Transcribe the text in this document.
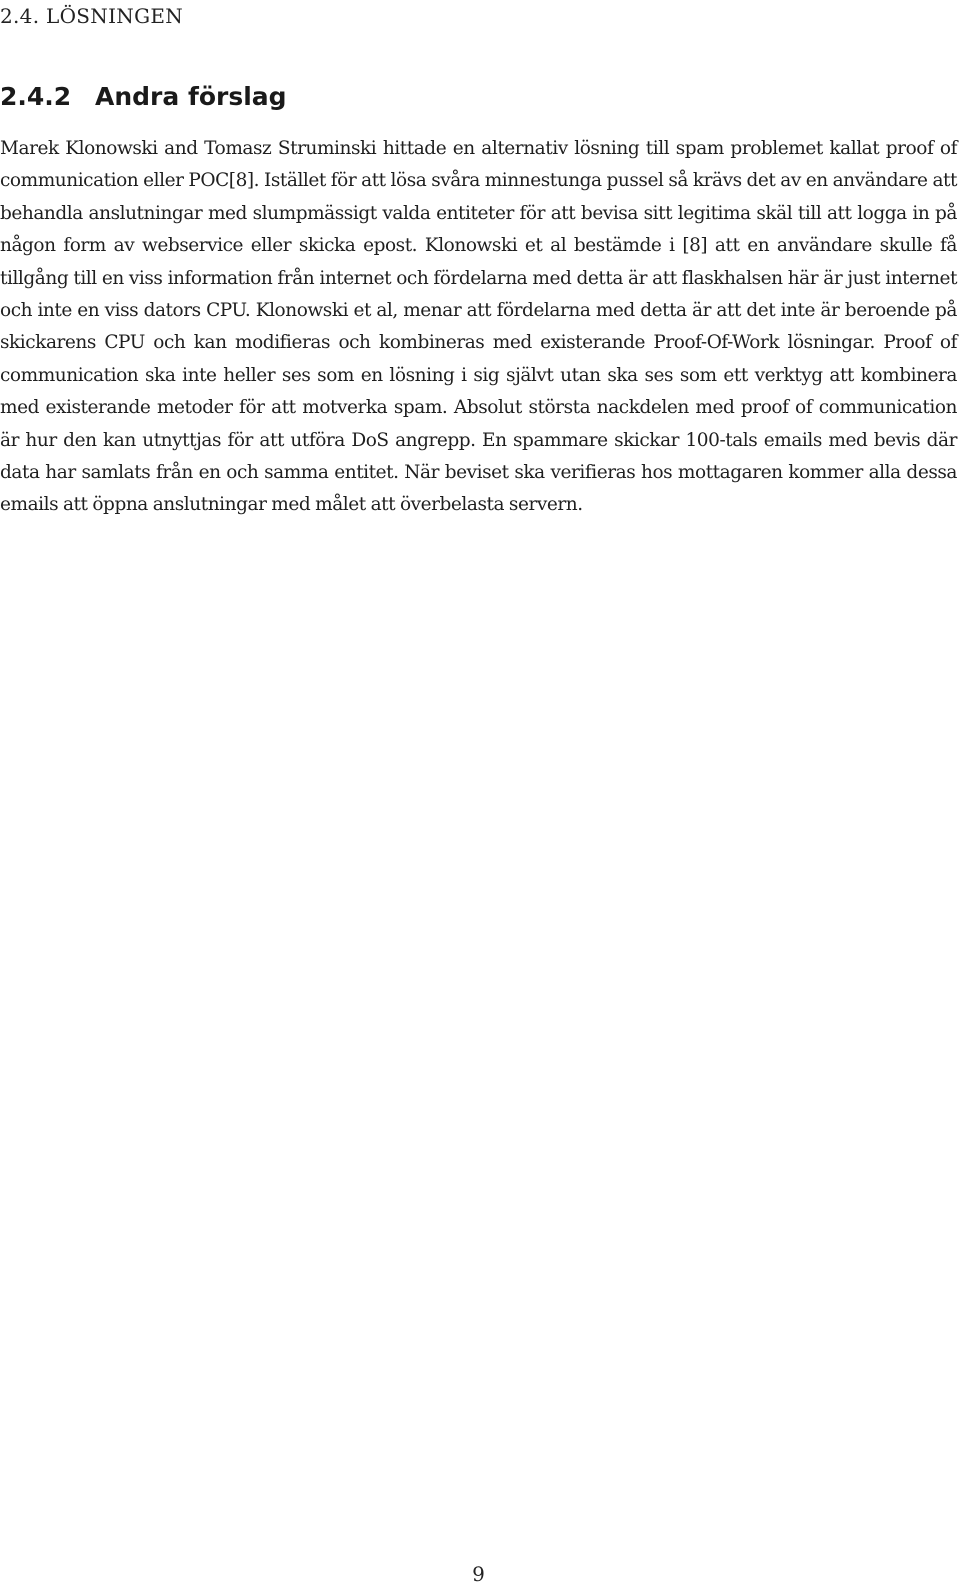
2.4. LÖSNINGEN
2.4.2 Andra förslag

Marek Klonowski and Tomasz Struminski hittade en alternativ lösning till spam problemet kallat proof of communication eller POC[8]. Istället för att lösa svåra minnestunga pussel så krävs det av en användare att behandla anslutningar med slumpmässigt valda entiteter för att bevisa sitt legitima skäl till att logga in på någon form av webservice eller skicka epost. Klonowski et al bestämde i [8] att en användare skulle få tillgång till en viss information från internet och fördelarna med detta är att flaskhalsen här är just internet och inte en viss dators CPU. Klonowski et al, menar att fördelarna med detta är att det inte är beroende på skickarens CPU och kan modifieras och kombineras med existerande Proof-Of-Work lösningar. Proof of communication ska inte heller ses som en lösning i sig självt utan ska ses som ett verktyg att kombinera med existerande metoder för att motverka spam. Absolut största nackdelen med proof of communication är hur den kan utnyttjas för att utföra DoS angrepp. En spammare skickar 100-tals emails med bevis där data har samlats från en och samma entitet. När beviset ska verifieras hos mottagaren kommer alla dessa emails att öppna anslutningar med målet att överbelasta servern.

9
